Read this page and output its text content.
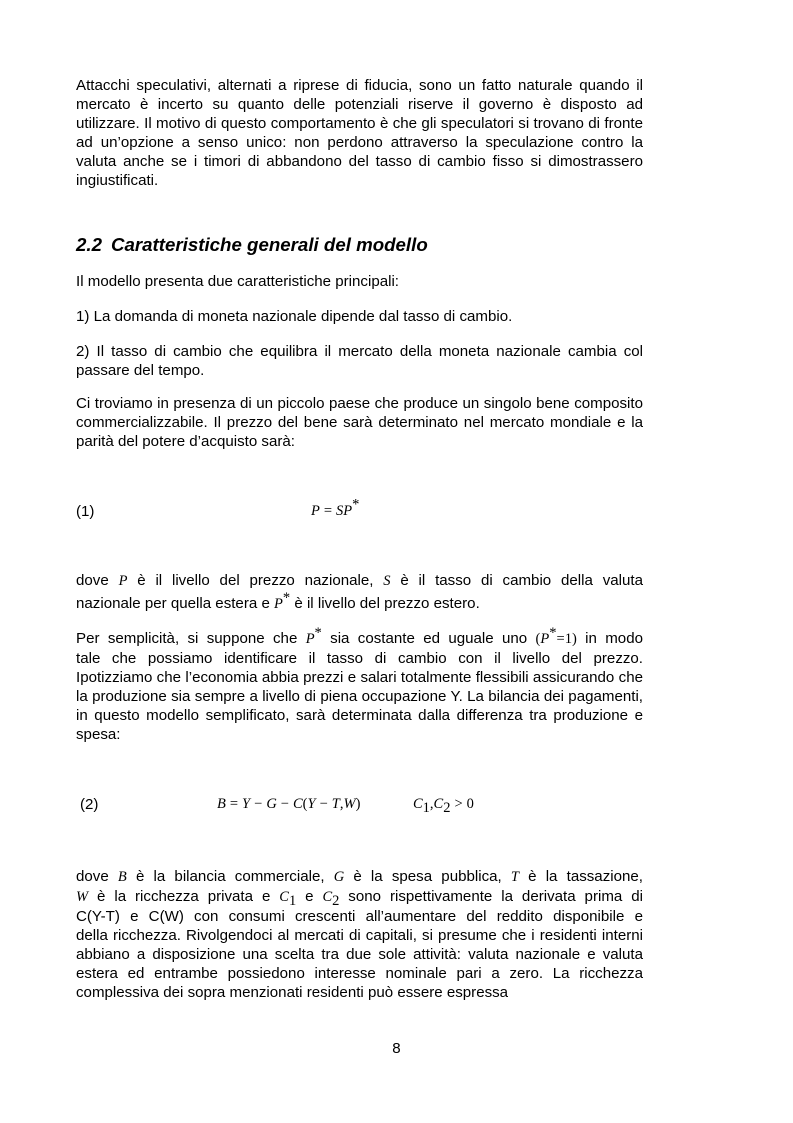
Attacchi speculativi, alternati a riprese di fiducia, sono un fatto naturale quando il mercato è incerto su quanto delle potenziali riserve il governo è disposto ad utilizzare. Il motivo di questo comportamento è che gli speculatori si trovano di fronte ad un’opzione a senso unico: non perdono attraverso la speculazione contro la valuta anche se i timori di abbandono del tasso di cambio fisso si dimostrassero ingiustificati.

2.2 Caratteristiche generali del modello

Il modello presenta due caratteristiche principali:

1) La domanda di moneta nazionale dipende dal tasso di cambio.

2) Il tasso di cambio che equilibra il mercato della moneta nazionale cambia col passare del tempo.

Ci troviamo in presenza di un piccolo paese che produce un singolo bene composito commercializzabile. Il prezzo del bene sarà determinato nel mercato mondiale e la parità del potere d’acquisto sarà:

(1)	P = SP*
dove P è il livello del prezzo nazionale, S è il tasso di cambio della valuta
nazionale per quella estera e P* è il livello del prezzo estero.
Per semplicità, si suppone che P* sia costante ed uguale uno (P*=1) in modo
tale che possiamo identificare il tasso di cambio con il livello del prezzo.

Ipotizziamo che l’economia abbia prezzi e salari totalmente flessibili assicurando che la produzione sia sempre a livello di piena occupazione Y. La bilancia dei pagamenti, in questo modello semplificato, sarà determinata dalla differenza tra produzione e spesa:

(2)	B = Y − G − C(Y − T,W)	$C_1,C_2 > 0$
dove B è la bilancia commerciale, G è la spesa pubblica, T è la tassazione,
W è la ricchezza privata e $C_1$ e $C_2$ sono rispettivamente la derivata prima di
C(Y-T) e C(W) con consumi crescenti all’aumentare del reddito disponibile e
della ricchezza. Rivolgendoci al mercati di capitali, si presume che i residenti interni abbiano a disposizione una scelta tra due sole attività: valuta nazionale e valuta estera ed entrambe possiedono interesse nominale pari a zero. La ricchezza complessiva dei sopra menzionati residenti può essere espressa
8
